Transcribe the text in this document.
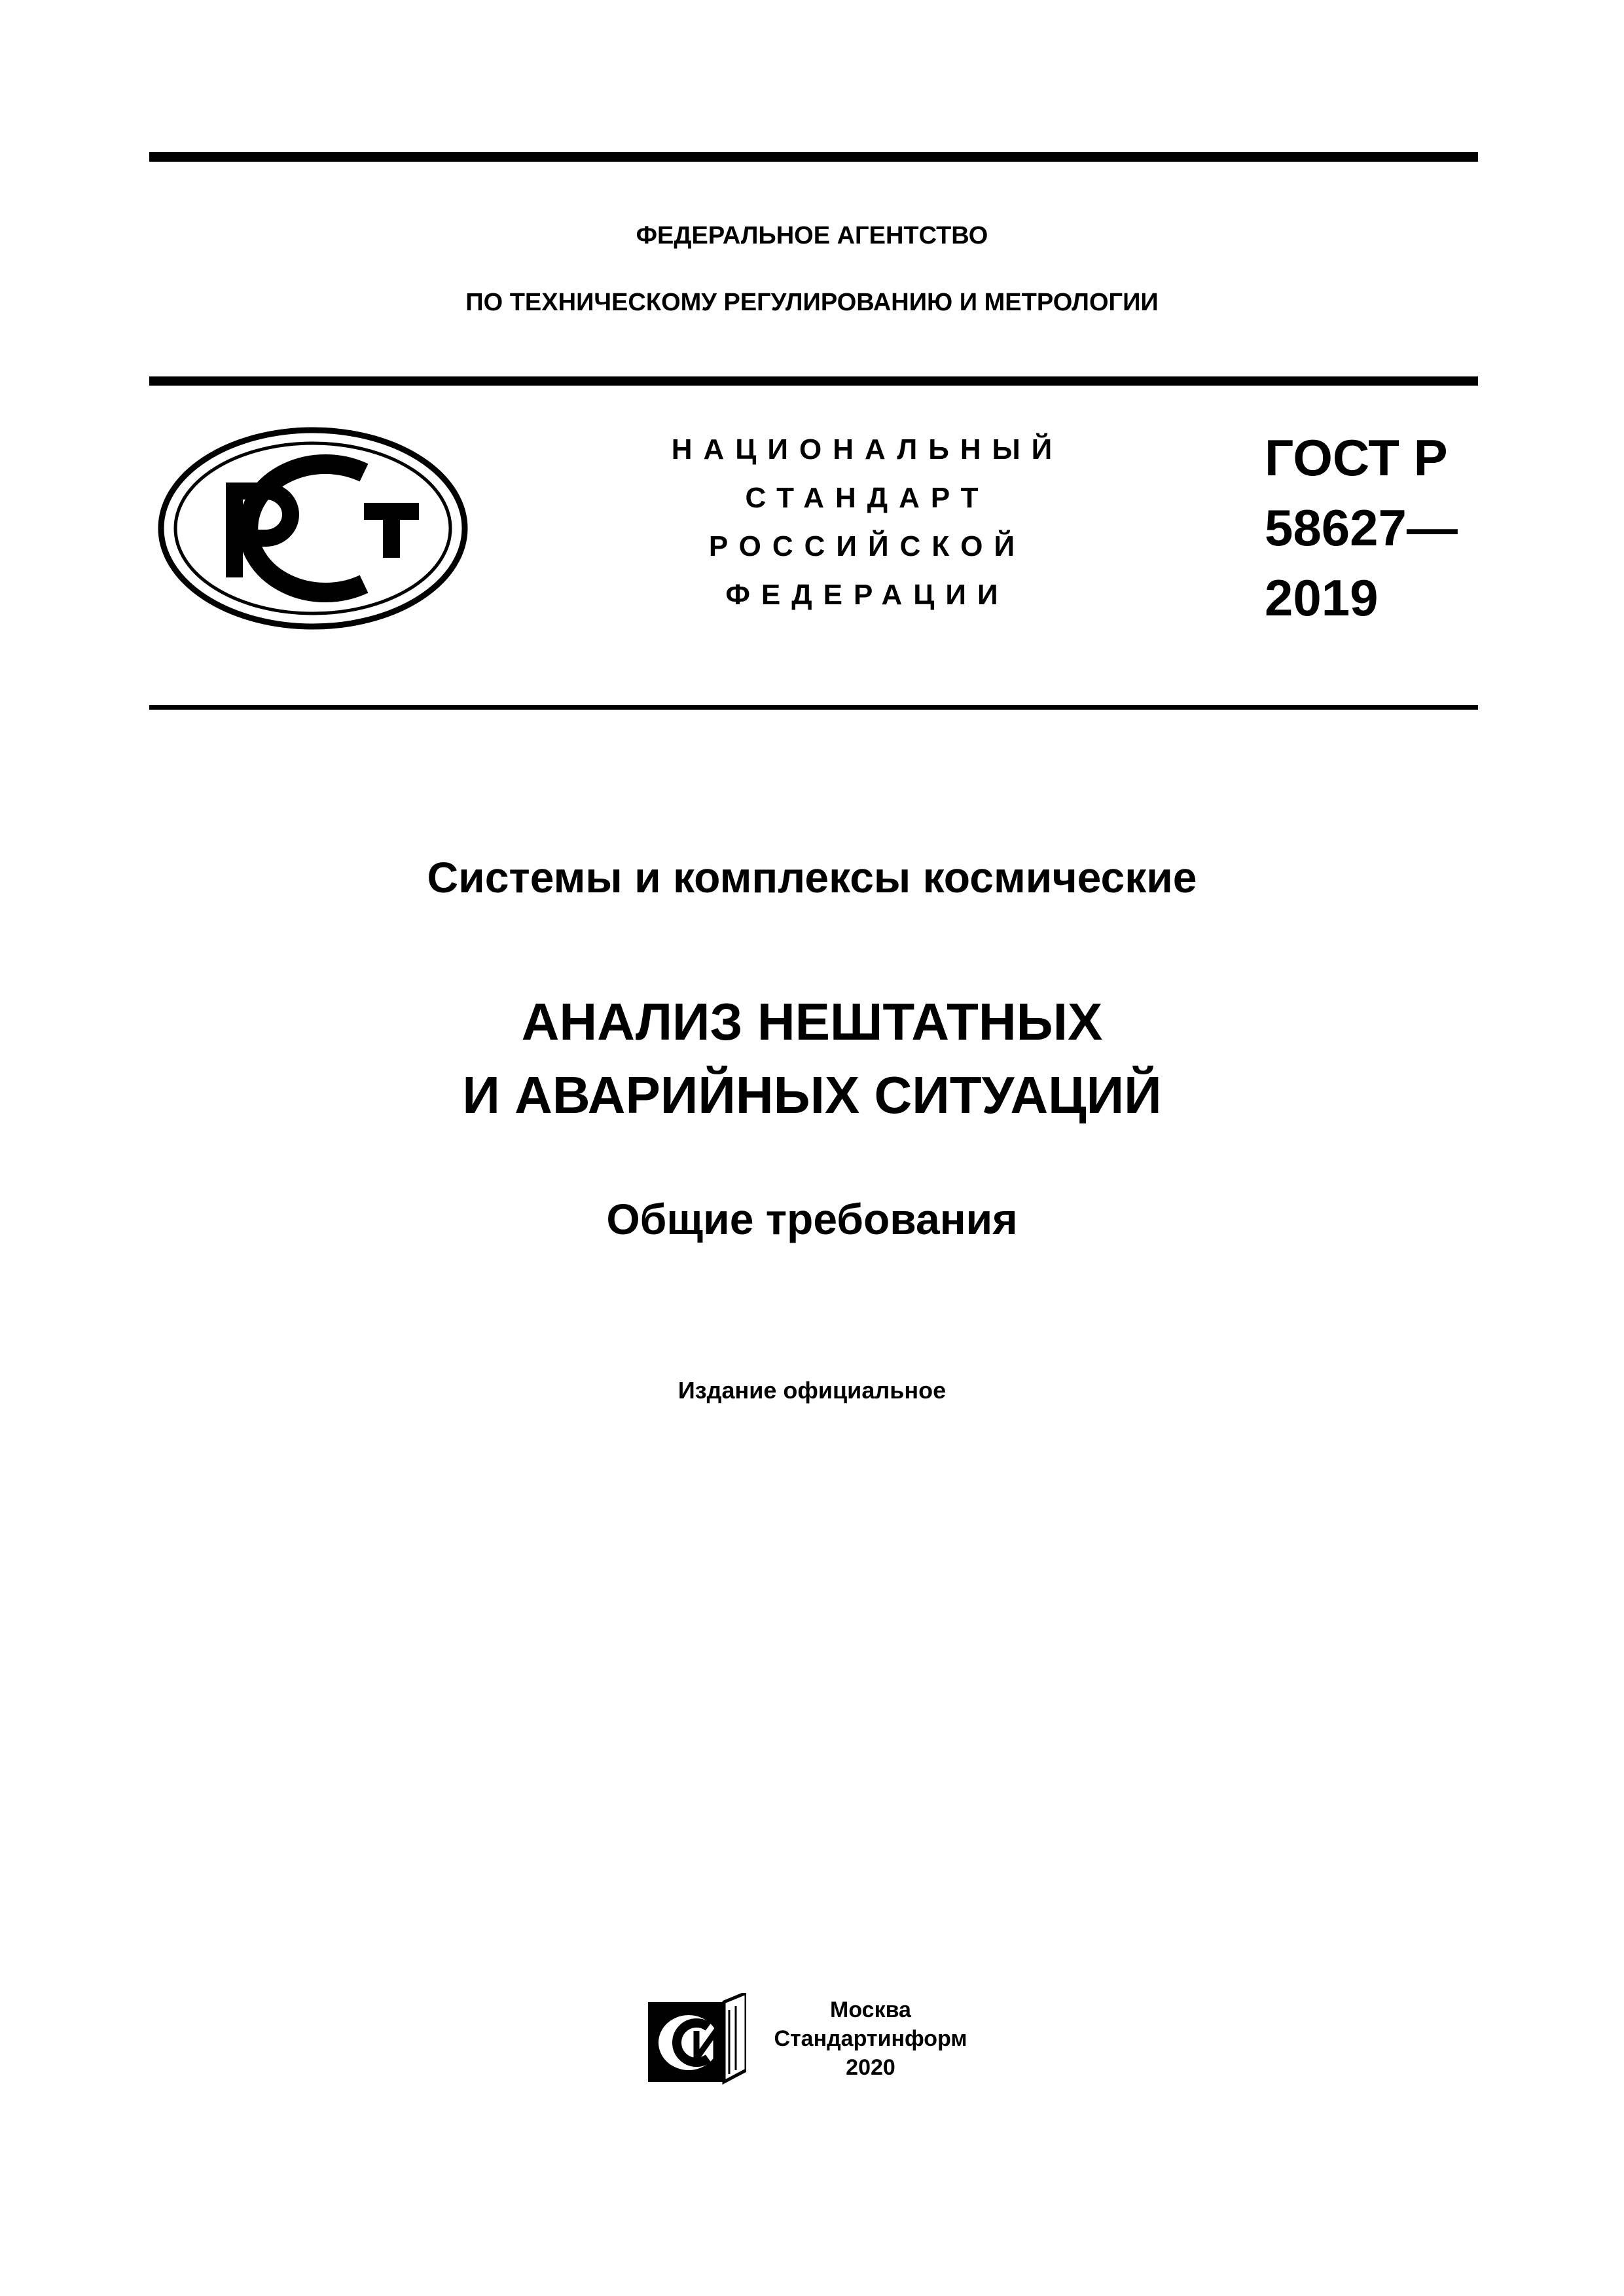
ФЕДЕРАЛЬНОЕ АГЕНТСТВО
ПО ТЕХНИЧЕСКОМУ РЕГУЛИРОВАНИЮ И МЕТРОЛОГИИ
НАЦИОНАЛЬНЫЙ
СТАНДАРТ
РОССИЙСКОЙ
ФЕДЕРАЦИИ
ГОСТ Р
58627—
2019
Системы и комплексы космические
АНАЛИЗ НЕШТАТНЫХ
И АВАРИЙНЫХ СИТУАЦИЙ
Общие требования
Издание официальное
Москва
Стандартинформ
2020
